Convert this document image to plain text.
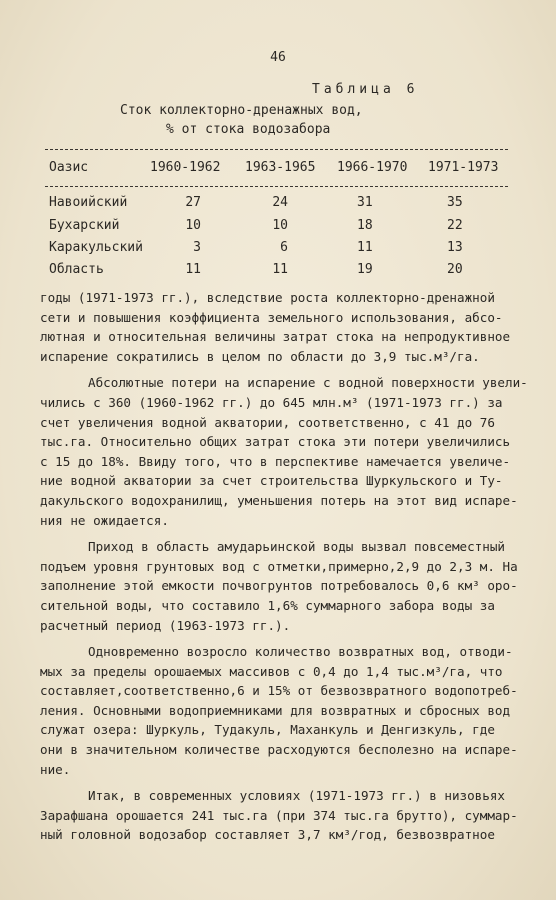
46
Таблица 6
Сток коллекторно-дренажных вод,
% от стока водозабора
Оазис	1960-1962 1963-1965 1966-1970 1971-1973
Навоийский	27	24	31	35
Бухарский	10	10	18	22
Каракульский	3	6	11	13
Область	11	11	19	20
годы (1971-1973 гг.), вследствие роста коллекторно-дренажной
сети и повышения коэффициента земельного использования, абсо-
лютная и относительная величины затрат стока на непродуктивное
испарение сократились в целом по области до 3,9 тыс.м³/га.
Абсолютные потери на испарение с водной поверхности увели-
чились с 360 (1960-1962 гг.) до 645 млн.м³ (1971-1973 гг.) за
счет увеличения водной акватории, соответственно, с 41 до 76
тыс.га. Относительно общих затрат стока эти потери увеличились
с 15 до 18%. Ввиду того, что в перспективе намечается увеличе-
ние водной акватории за счет строительства Шуркульского и Ту-
дакульского водохранилищ, уменьшения потерь на этот вид испаре-
ния не ожидается.
Приход в область амударьинской воды вызвал повсеместный
подъем уровня грунтовых вод с отметки,примерно,2,9 до 2,3 м. На
заполнение этой емкости почвогрунтов потребовалось 0,6 км³ оро-
сительной воды, что составило 1,6% суммарного забора воды за
расчетный период (1963-1973 гг.).
Одновременно возросло количество возвратных вод, отводи-
мых за пределы орошаемых массивов с 0,4 до 1,4 тыс.м³/га, что
составляет,соответственно,6 и 15% от безвозвратного водопотреб-
ления. Основными водоприемниками для возвратных и сбросных вод
служат озера: Шуркуль, Тудакуль, Маханкуль и Денгизкуль, где
они в значительном количестве расходуются бесполезно на испаре-
ние.
Итак, в современных условиях (1971-1973 гг.) в низовьях
Зарафшана орошается 241 тыс.га (при 374 тыс.га брутто), суммар-
ный головной водозабор составляет 3,7 км³/год, безвозвратное
